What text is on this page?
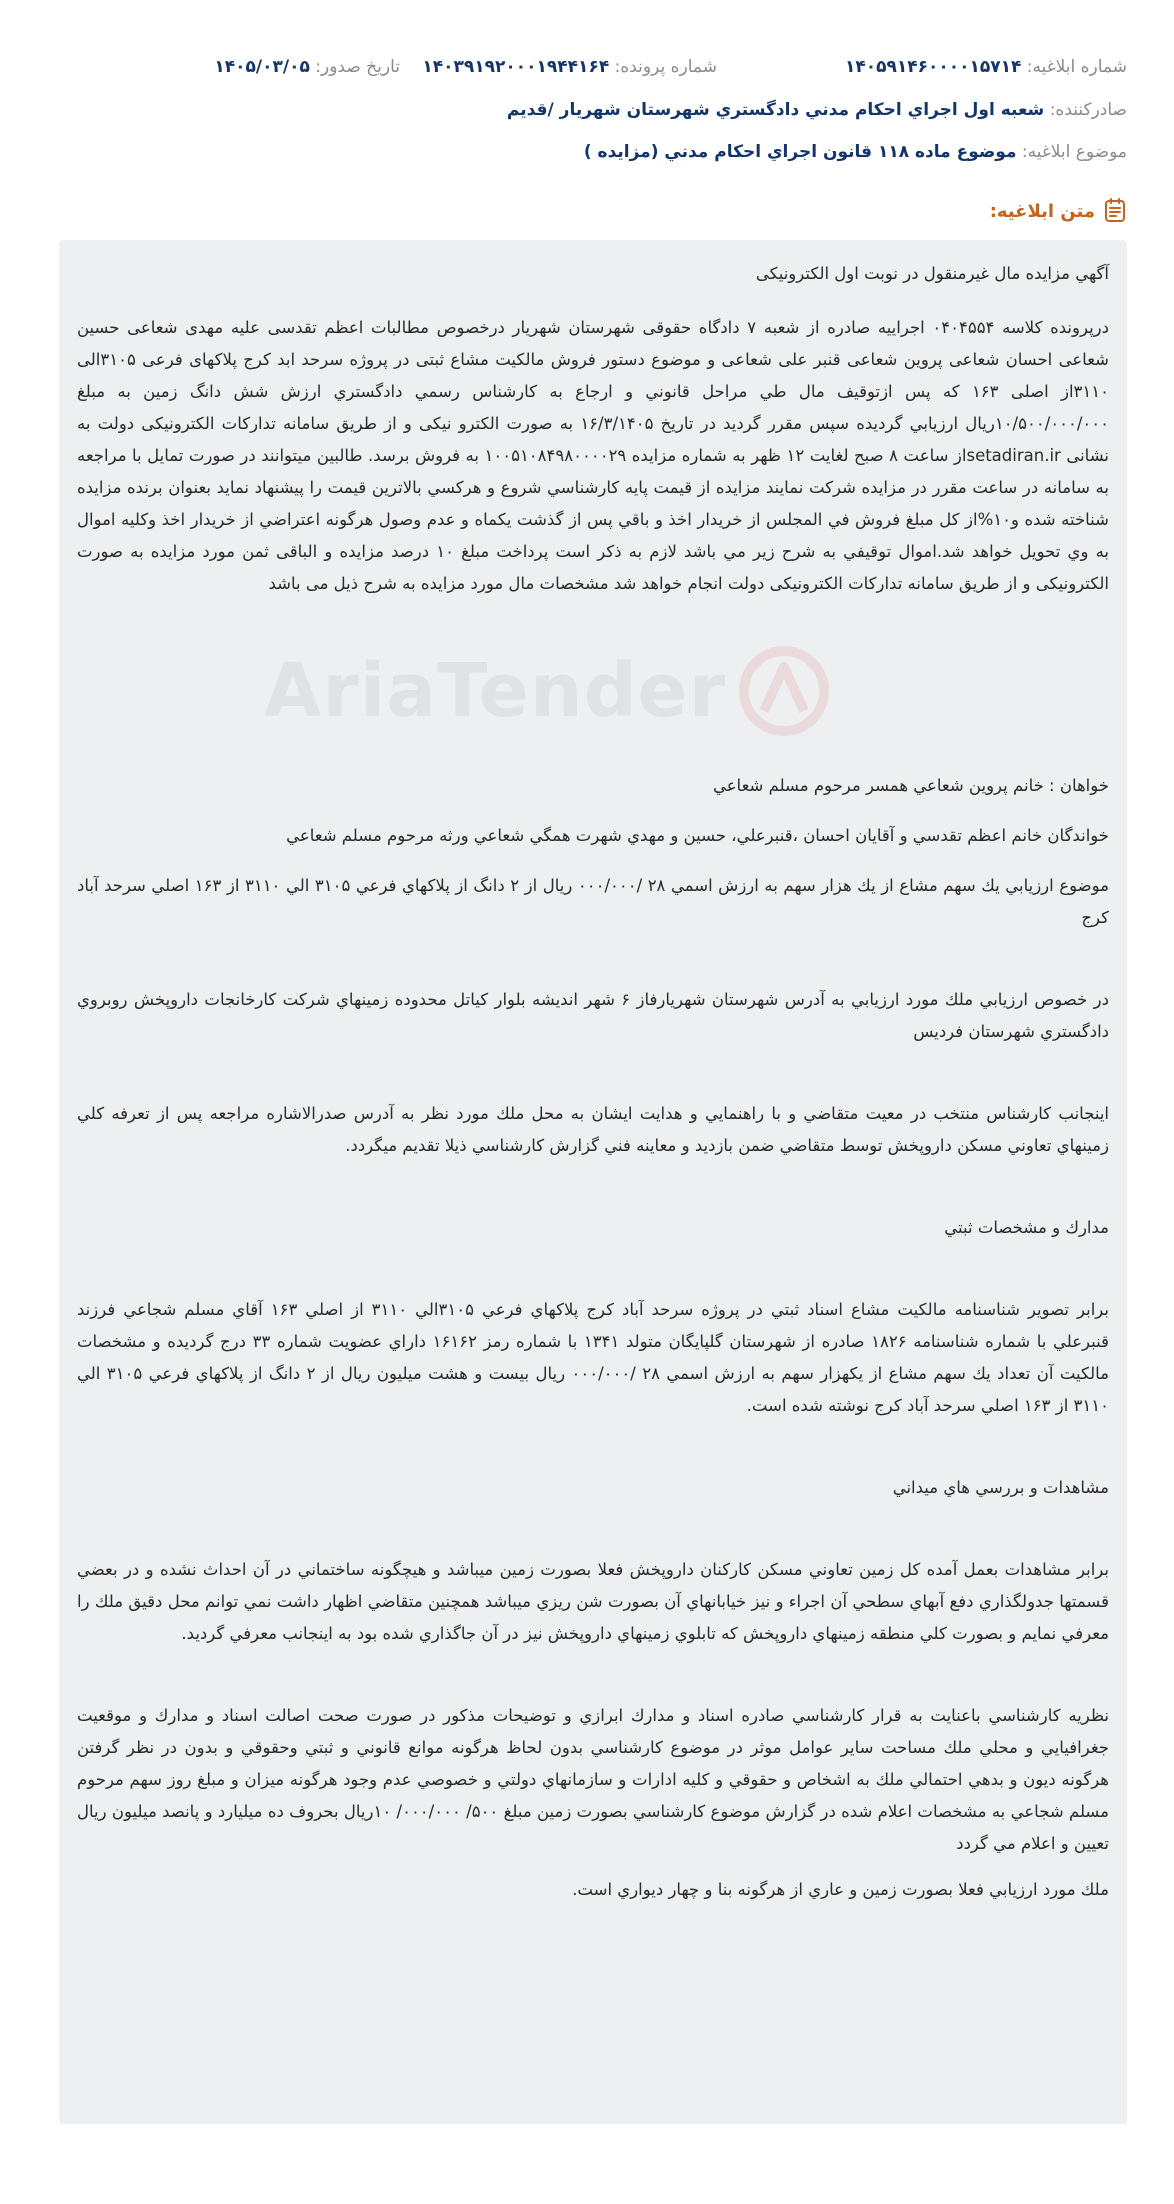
شماره ابلاغيه: ۱۴۰۵۹۱۴۶۰۰۰۰۱۵۷۱۴
شماره پرونده: ۱۴۰۳۹۱۹۲۰۰۰۱۹۴۴۱۶۴
تاريخ صدور: ۱۴۰۵/۰۳/۰۵
صادرکننده: شعبه اول اجراي احكام مدني دادگستري شهرستان شهريار /قديم
موضوع ابلاغيه: موضوع ماده ۱۱۸ قانون اجراي احکام مدني (مزايده )
متن ابلاغيه:

آگهي مزايده مال غيرمنقول در نوبت اول الكترونيكی

درپرونده كلاسه ۰۴۰۴۵۵۴ اجرايیه صادره از شعبه ۷ دادگاه حقوقی شهرستان شهريار درخصوص مطالبات اعظم تقدسی عليه مهدی شعاعی حسين شعاعی احسان شعاعی پروين شعاعی قنبر علی شعاعی و موضوع دستور فروش مالكيت مشاع ثبتی در پروژه سرحد ابد كرج پلاكهای فرعی ۳۱۰۵الی ۳۱۱۰از اصلی ۱۶۳ كه پس ازتوقيف مال طي مراحل قانوني و ارجاع به كارشناس رسمي دادگستري ارزش شش دانگ زمين به مبلغ ۱۰/۵۰۰/۰۰۰/۰۰۰ريال ارزيابي گرديده سپس مقرر گرديد در تاريخ ۱۶/۳/۱۴۰۵ به صورت الكترو نيكی و از طريق سامانه تداركات الكترونيكی دولت به نشانی setadiran.irاز ساعت ۸ صبح لغايت ۱۲ ظهر به شماره مزايده ۱۰۰۵۱۰۸۴۹۸۰۰۰۰۲۹ به فروش برسد. طالبين ميتوانند در صورت تمايل با مراجعه به سامانه در ساعت مقرر در مزايده شركت نمايند مزايده از قيمت پايه كارشناسي شروع و هركسي بالاترين قيمت را پيشنهاد نمايد بعنوان برنده مزايده شناخته شده و۱۰%از كل مبلغ فروش في المجلس از خريدار اخذ و باقي پس از گذشت يكماه و عدم وصول هرگونه اعتراضي از خريدار اخذ وكليه اموال به وي تحويل خواهد شد.اموال توقيفي به شرح زير مي باشد لازم به ذكر است پرداخت مبلغ ۱۰ درصد مزايده و الباقی ثمن مورد مزايده به صورت الكترونيكی و از طريق سامانه تداركات الكترونيكی دولت انجام خواهد شد مشخصات مال مورد مزايده به شرح ذيل می باشد

خواهان : خانم پروين شعاعي همسر مرحوم مسلم شعاعي

خواندگان خانم اعظم تقدسي و آقايان احسان ،قنبرعلي، حسين و مهدي شهرت همگي شعاعي ورثه مرحوم مسلم شعاعي

موضوع ارزيابي يك سهم مشاع از يك هزار سهم به ارزش اسمي ۲۸ /۰۰۰/۰۰۰ ريال از ۲ دانگ از پلاكهاي فرعي ۳۱۰۵ الي ۳۱۱۰ از ۱۶۳ اصلي سرحد آباد كرج

در خصوص ارزيابي ملك مورد ارزيابي به آدرس شهرستان شهريارفاز ۶ شهر انديشه بلوار كياتل محدوده زمينهاي شركت كارخانجات داروپخش روبروي دادگستري شهرستان فرديس

اينجانب كارشناس منتخب در معيت متقاضي و با راهنمايي و هدايت ايشان به محل ملك مورد نظر به آدرس صدرالاشاره مراجعه پس از تعرفه كلي زمينهاي تعاوني مسكن داروپخش توسط متقاضي ضمن بازديد و معاينه فني گزارش كارشناسي ذيلا تقديم ميگردد.

مدارك و مشخصات ثبتي

برابر تصوير شناسنامه مالكيت مشاع اسناد ثبتي در پروژه سرحد آباد كرج پلاكهاي فرعي ۳۱۰۵الي ۳۱۱۰ از اصلي ۱۶۳ آقاي مسلم شجاعي فرزند قنبرعلي با شماره شناسنامه ۱۸۲۶ صادره از شهرستان گلپايگان متولد ۱۳۴۱ با شماره رمز ۱۶۱۶۲ داراي عضويت شماره ۳۳ درج گرديده و مشخصات مالكيت آن تعداد يك سهم مشاع از يكهزار سهم به ارزش اسمي ۲۸ /۰۰۰/۰۰۰ ريال بيست و هشت ميليون ريال از ۲ دانگ از پلاكهاي فرعي ۳۱۰۵ الي ۳۱۱۰ از ۱۶۳ اصلي سرحد آباد كرج نوشته شده است.

مشاهدات و بررسي هاي ميداني

برابر مشاهدات بعمل آمده كل زمين تعاوني مسكن كاركنان داروپخش فعلا بصورت زمين ميباشد و هيچگونه ساختماني در آن احداث نشده و در بعضي قسمتها جدولگذاري دفع آبهاي سطحي آن اجراء و نيز خيابانهاي آن بصورت شن ريزي ميباشد همچنين متقاضي اظهار داشت نمي توانم محل دقيق ملك را معرفي نمايم و بصورت كلي منطقه زمينهاي داروپخش كه تابلوي زمينهاي داروپخش نيز در آن جاگذاري شده بود به اينجانب معرفي گرديد.

نظريه كارشناسي باعنايت به قرار كارشناسي صادره اسناد و مدارك ابرازي و توضيحات مذكور در صورت صحت اصالت اسناد و مدارك و موقعيت جغرافيايي و محلي ملك مساحت ساير عوامل موثر در موضوع كارشناسي بدون لحاظ هرگونه موانع قانوني و ثبتي وحقوقي و بدون در نظر گرفتن هرگونه ديون و بدهي احتمالي ملك به اشخاص و حقوقي و كليه ادارات و سازمانهاي دولتي و خصوصي عدم وجود هرگونه ميزان و مبلغ روز سهم مرحوم مسلم شجاعي به مشخصات اعلام شده در گزارش موضوع كارشناسي بصورت زمين مبلغ ۵۰۰/ ۰۰۰/۰۰۰/ ۱۰ريال بحروف ده ميليارد و پانصد ميليون ريال تعيين و اعلام مي گردد

ملك مورد ارزيابي فعلا بصورت زمين و عاري از هرگونه بنا و چهار ديواري است.

AriaTender
